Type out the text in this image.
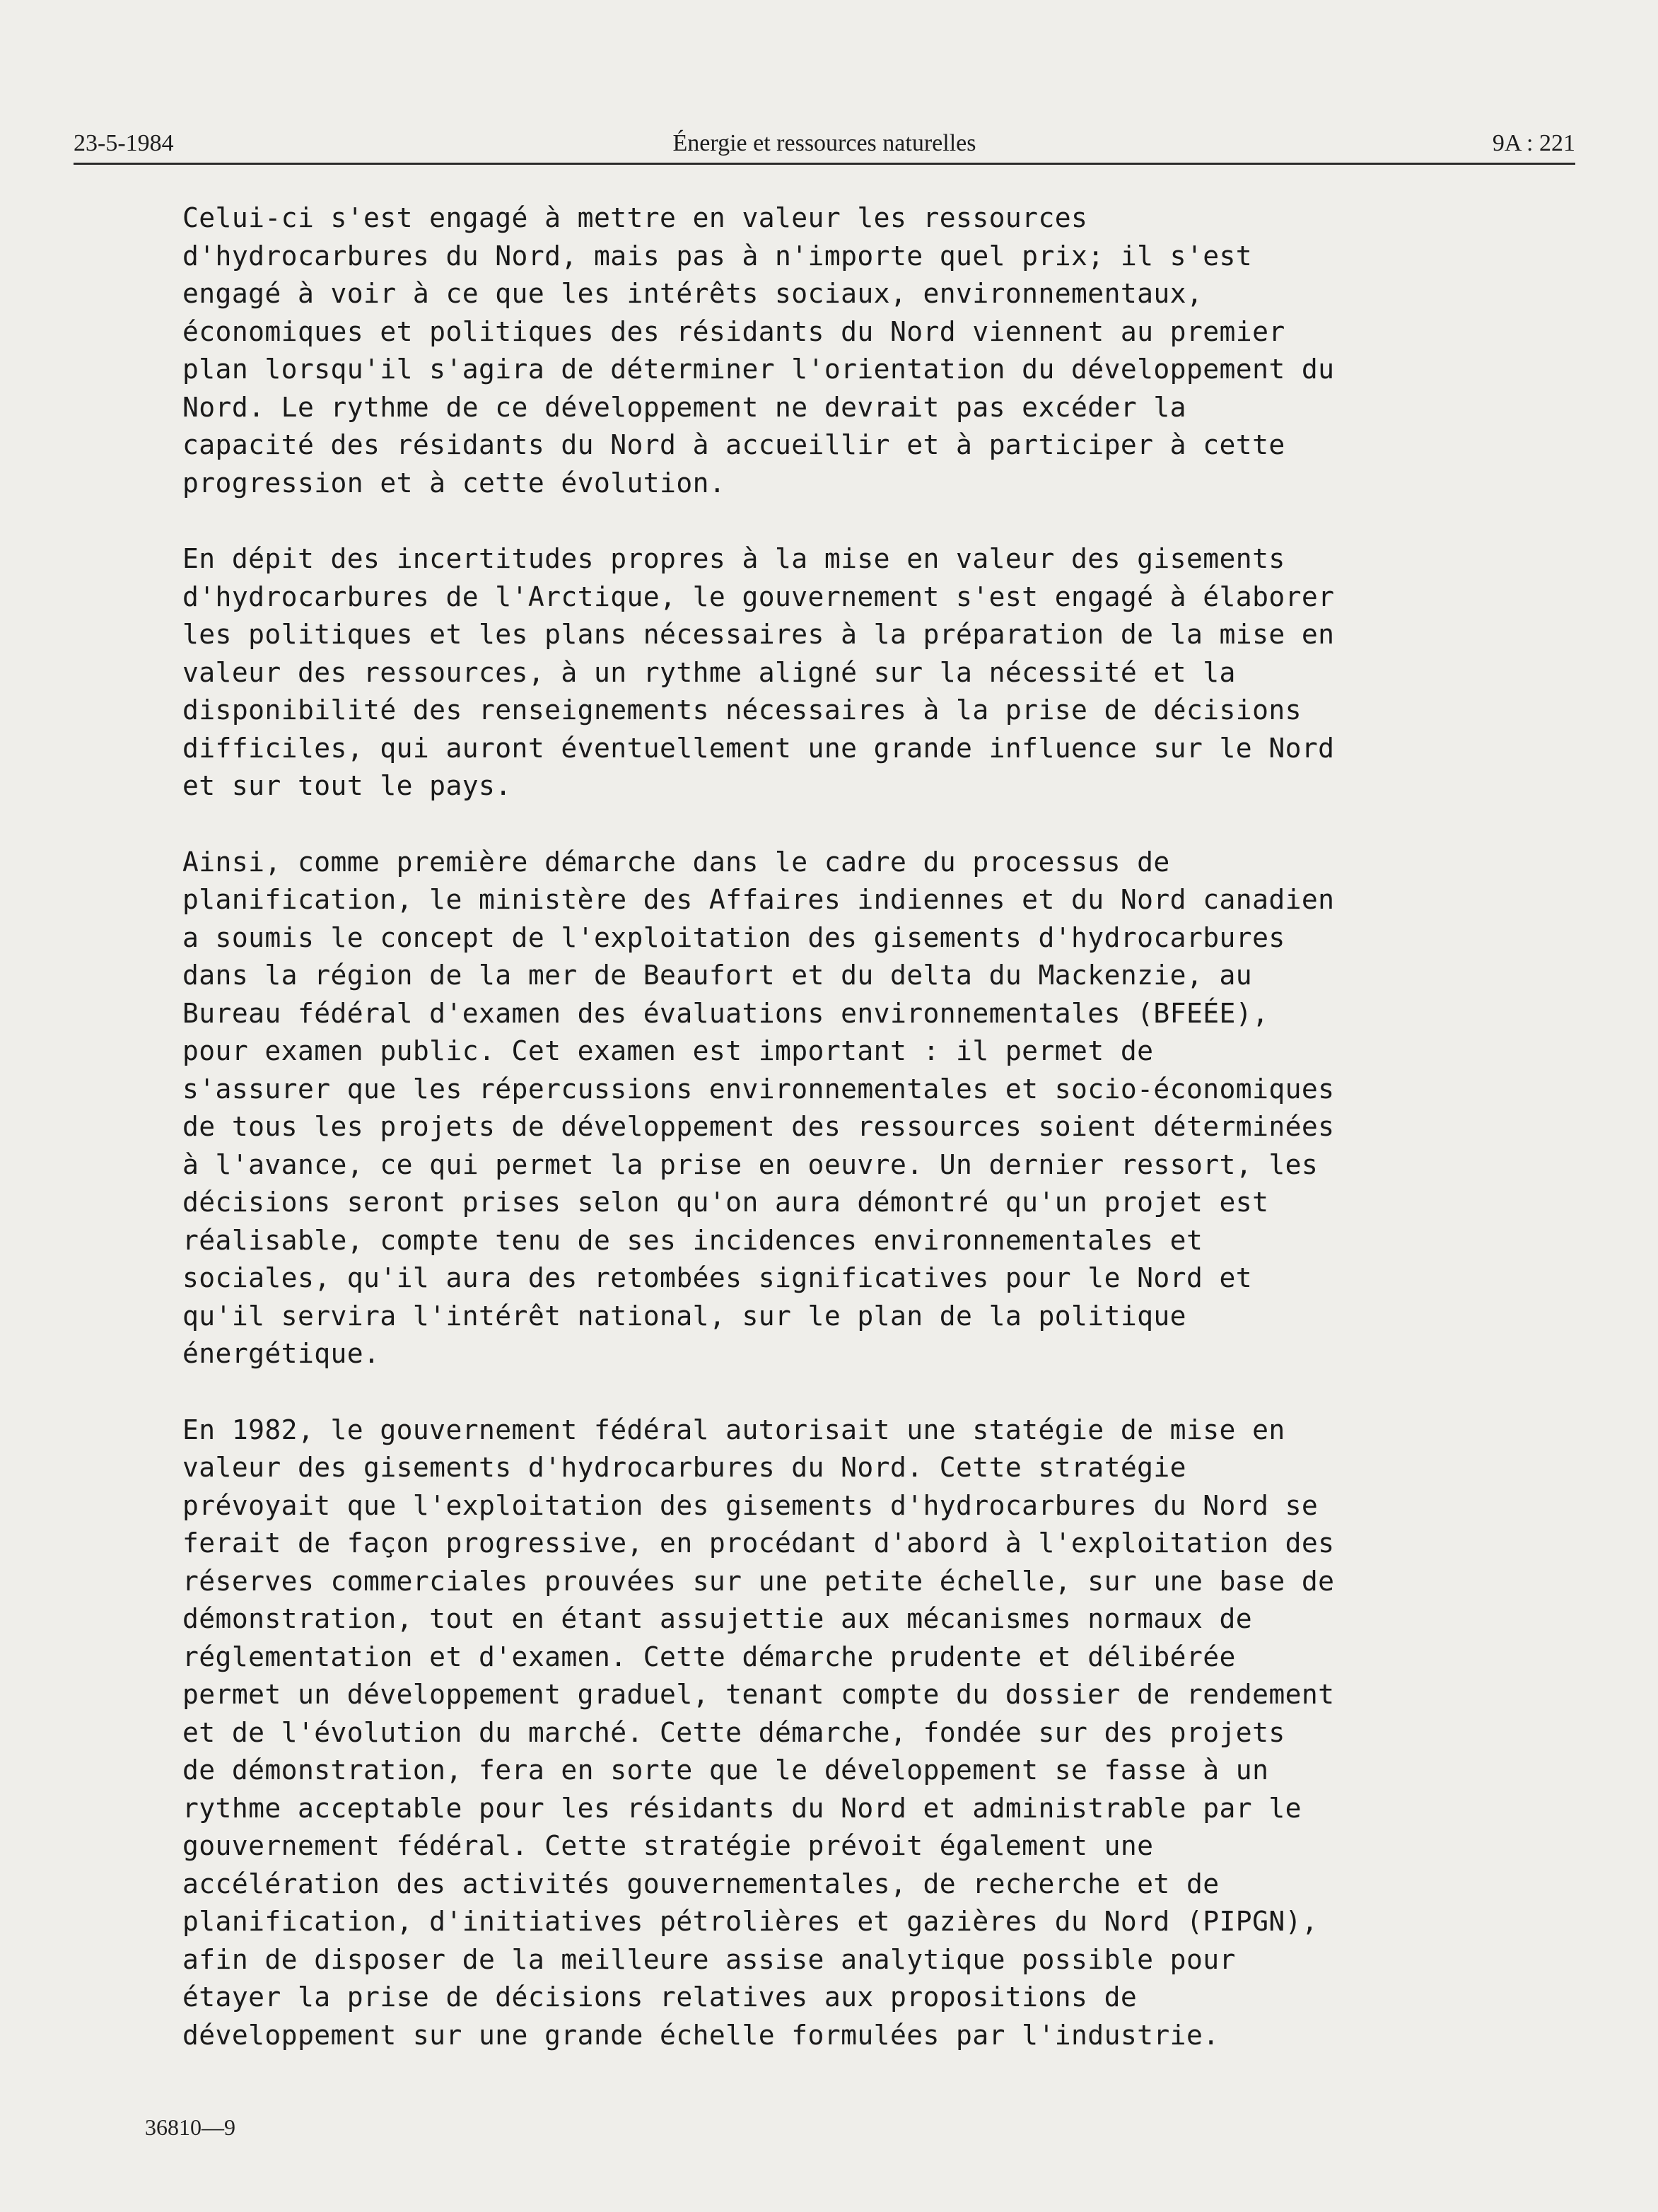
23-5-1984	Énergie et ressources naturelles	9A : 221
Celui-ci s'est engagé à mettre en valeur les ressources
d'hydrocarbures du Nord, mais pas à n'importe quel prix; il s'est
engagé à voir à ce que les intérêts sociaux, environnementaux,
économiques et politiques des résidants du Nord viennent au premier
plan lorsqu'il s'agira de déterminer l'orientation du développement du
Nord. Le rythme de ce développement ne devrait pas excéder la
capacité des résidants du Nord à accueillir et à participer à cette
progression et à cette évolution.
En dépit des incertitudes propres à la mise en valeur des gisements
d'hydrocarbures de l'Arctique, le gouvernement s'est engagé à élaborer
les politiques et les plans nécessaires à la préparation de la mise en
valeur des ressources, à un rythme aligné sur la nécessité et la
disponibilité des renseignements nécessaires à la prise de décisions
difficiles, qui auront éventuellement une grande influence sur le Nord
et sur tout le pays.
Ainsi, comme première démarche dans le cadre du processus de
planification, le ministère des Affaires indiennes et du Nord canadien
a soumis le concept de l'exploitation des gisements d'hydrocarbures
dans la région de la mer de Beaufort et du delta du Mackenzie, au
Bureau fédéral d'examen des évaluations environnementales (BFEÉE),
pour examen public. Cet examen est important : il permet de
s'assurer que les répercussions environnementales et socio-économiques
de tous les projets de développement des ressources soient déterminées
à l'avance, ce qui permet la prise en oeuvre. Un dernier ressort, les
décisions seront prises selon qu'on aura démontré qu'un projet est
réalisable, compte tenu de ses incidences environnementales et
sociales, qu'il aura des retombées significatives pour le Nord et
qu'il servira l'intérêt national, sur le plan de la politique
énergétique.
En 1982, le gouvernement fédéral autorisait une statégie de mise en
valeur des gisements d'hydrocarbures du Nord. Cette stratégie
prévoyait que l'exploitation des gisements d'hydrocarbures du Nord se
ferait de façon progressive, en procédant d'abord à l'exploitation des
réserves commerciales prouvées sur une petite échelle, sur une base de
démonstration, tout en étant assujettie aux mécanismes normaux de
réglementation et d'examen. Cette démarche prudente et délibérée
permet un développement graduel, tenant compte du dossier de rendement
et de l'évolution du marché. Cette démarche, fondée sur des projets
de démonstration, fera en sorte que le développement se fasse à un
rythme acceptable pour les résidants du Nord et administrable par le
gouvernement fédéral. Cette stratégie prévoit également une
accélération des activités gouvernementales, de recherche et de
planification, d'initiatives pétrolières et gazières du Nord (PIPGN),
afin de disposer de la meilleure assise analytique possible pour
étayer la prise de décisions relatives aux propositions de
développement sur une grande échelle formulées par l'industrie.
36810—9
